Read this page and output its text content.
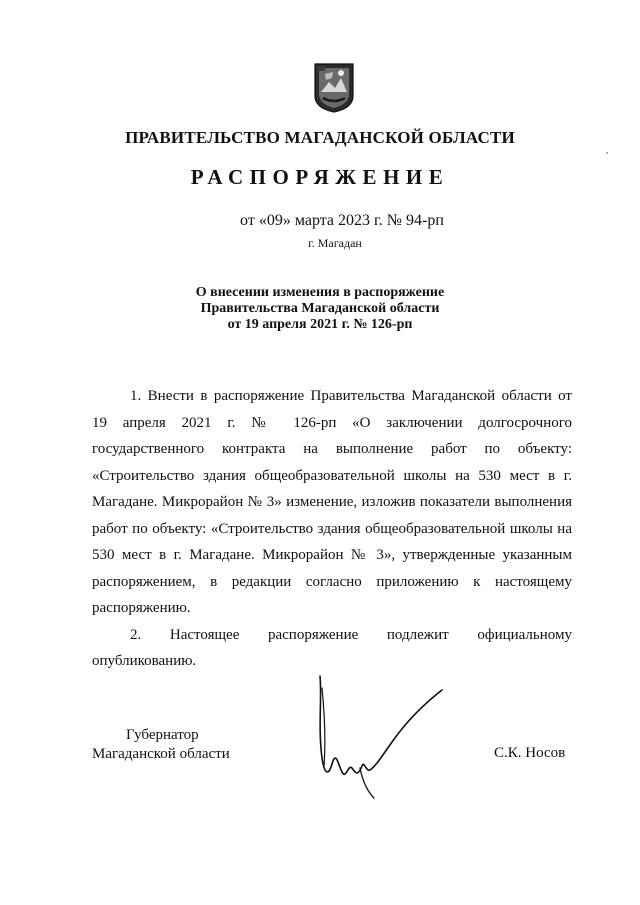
ПРАВИТЕЛЬСТВО МАГАДАНСКОЙ ОБЛАСТИ
РАСПОРЯЖЕНИЕ
от «09» марта 2023 г. № 94-рп
г. Магадан
О внесении изменения в распоряжение
Правительства Магаданской области
от 19 апреля 2021 г. № 126-рп

1. Внести в распоряжение Правительства Магаданской области от 19 апреля 2021 г. № 126-рп «О заключении долгосрочного государственного контракта на выполнение работ по объекту: «Строительство здания общеобразовательной школы на 530 мест в г. Магадане. Микрорайон № 3» изменение, изложив показатели выполнения работ по объекту: «Строительство здания общеобразовательной школы на 530 мест в г. Магадане. Микрорайон № 3», утвержденные указанным распоряжением, в редакции согласно приложению к настоящему распоряжению.

2. Настоящее распоряжение подлежит официальному опубликованию.

Губернатор
Магаданской области	С.К. Носов
